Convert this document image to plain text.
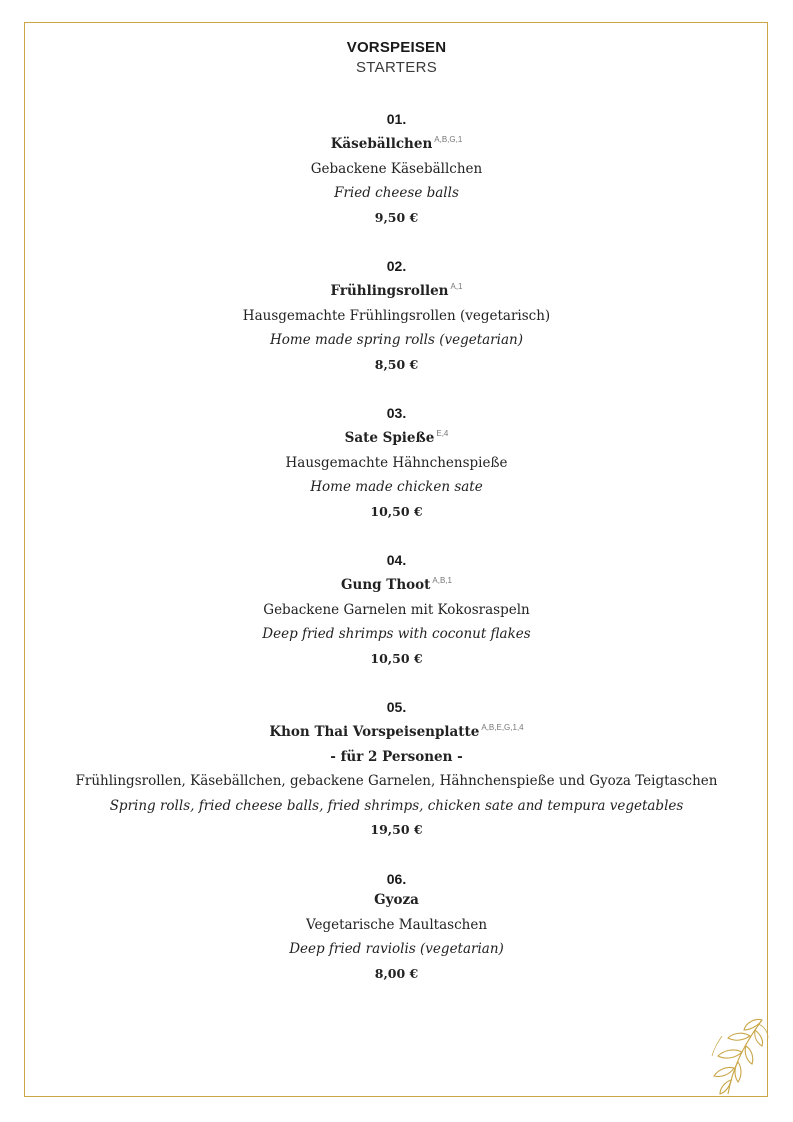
VORSPEISEN
STARTERS
01.
Käsebällchen $^{A,B,G,1}$
Gebackene Käsebällchen
Fried cheese balls
9,50 €
02.
Frühlingsrollen $^{A,1}$
Hausgemachte Frühlingsrollen (vegetarisch)
Home made spring rolls (vegetarian)
8,50 €
03.
Sate Spieße $^{E,4}$
Hausgemachte Hähnchenspieße
Home made chicken sate
10,50 €
04.
Gung Thoot $^{A,B,1}$
Gebackene Garnelen mit Kokosraspeln
Deep fried shrimps with coconut flakes
10,50 €
05.
Khon Thai Vorspeisenplatte $^{A,B,E,G,1,4}$
- für 2 Personen -
Frühlingsrollen, Käsebällchen, gebackene Garnelen, Hähnchenspieße und Gyoza Teigtaschen
Spring rolls, fried cheese balls, fried shrimps, chicken sate and tempura vegetables
19,50 €
06.
Gyoza
Vegetarische Maultaschen
Deep fried raviolis (vegetarian)
8,00 €
